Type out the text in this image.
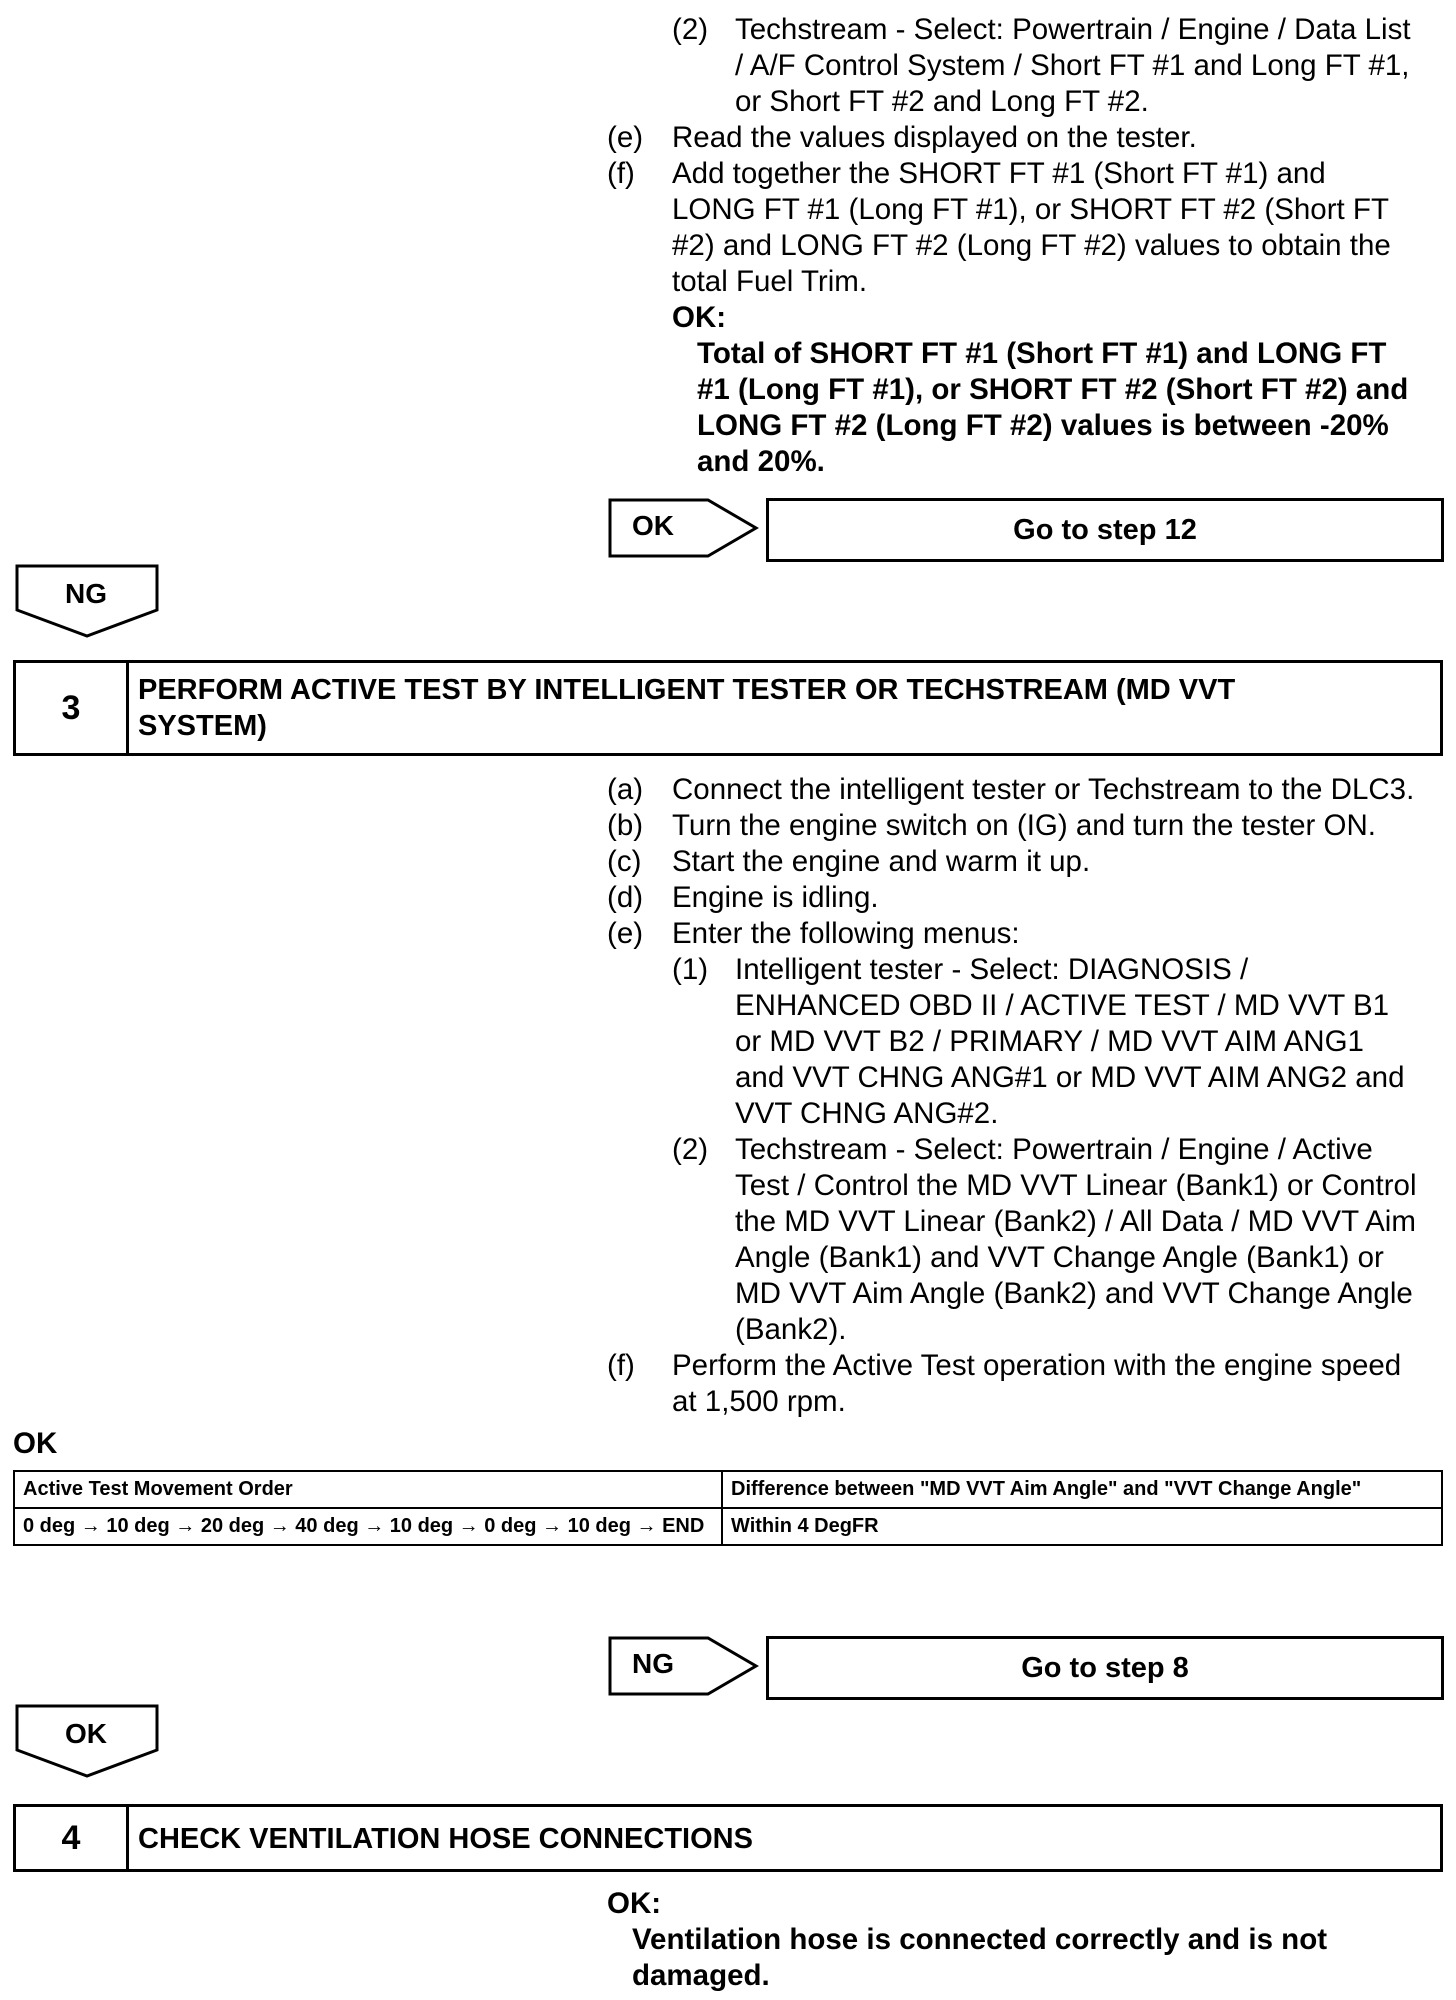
(2) Techstream - Select: Powertrain / Engine / Data List
/ A/F Control System / Short FT #1 and Long FT #1,
or Short FT #2 and Long FT #2.
(e) Read the values displayed on the tester.
(f) Add together the SHORT FT #1 (Short FT #1) and
LONG FT #1 (Long FT #1), or SHORT FT #2 (Short FT
#2) and LONG FT #2 (Long FT #2) values to obtain the
total Fuel Trim.
OK:
Total of SHORT FT #1 (Short FT #1) and LONG FT
#1 (Long FT #1), or SHORT FT #2 (Short FT #2) and
LONG FT #2 (Long FT #2) values is between -20%
and 20%.
OK	Go to step 12
NG
3	PERFORM ACTIVE TEST BY INTELLIGENT TESTER OR TECHSTREAM (MD VVT
SYSTEM)
(a) Connect the intelligent tester or Techstream to the DLC3.
(b) Turn the engine switch on (IG) and turn the tester ON.
(c) Start the engine and warm it up.
(d) Engine is idling.
(e) Enter the following menus:
(1) Intelligent tester - Select: DIAGNOSIS /
ENHANCED OBD II / ACTIVE TEST / MD VVT B1
or MD VVT B2 / PRIMARY / MD VVT AIM ANG1
and VVT CHNG ANG#1 or MD VVT AIM ANG2 and
VVT CHNG ANG#2.
(2) Techstream - Select: Powertrain / Engine / Active
Test / Control the MD VVT Linear (Bank1) or Control
the MD VVT Linear (Bank2) / All Data / MD VVT Aim
Angle (Bank1) and VVT Change Angle (Bank1) or
MD VVT Aim Angle (Bank2) and VVT Change Angle
(Bank2).
(f) Perform the Active Test operation with the engine speed
at 1,500 rpm.
OK
Active Test Movement Order	Difference between "MD VVT Aim Angle" and "VVT Change Angle"
0 deg → 10 deg → 20 deg → 40 deg → 10 deg → 0 deg → 10 deg → END	Within 4 DegFR
NG	Go to step 8
OK
4	CHECK VENTILATION HOSE CONNECTIONS
OK:
Ventilation hose is connected correctly and is not
damaged.
